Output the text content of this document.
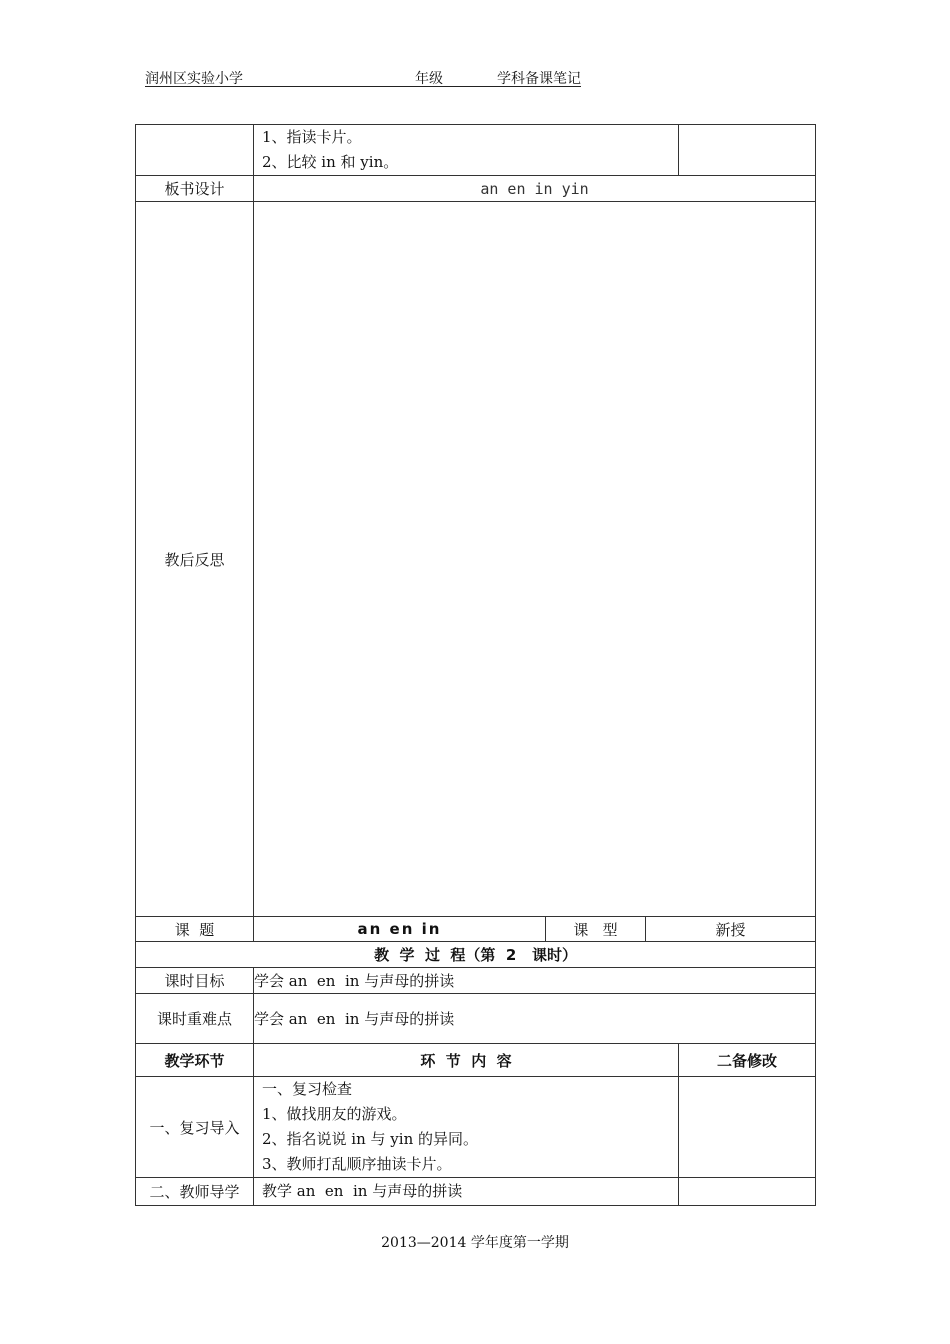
润州区实验小学	年级	学科备课笔记

	1、指读卡片。
2、比较 in 和 yin。			

板书设计	an en in yin			
教后反思				
课  题	an en in	课   型	新授	
教  学  过  程（第  2   课时）				
课时目标	学会 an  en  in 与声母的拼读			
课时重难点	学会 an  en  in 与声母的拼读			
教学环节	环  节  内  容			二备修改
一、复习导入	一、复习检查
1、做找朋友的游戏。
2、指名说说 in 与 yin 的异同。
3、教师打乱顺序抽读卡片。			

二、教师导学	教学 an  en  in 与声母的拼读			

2013—2014 学年度第一学期
